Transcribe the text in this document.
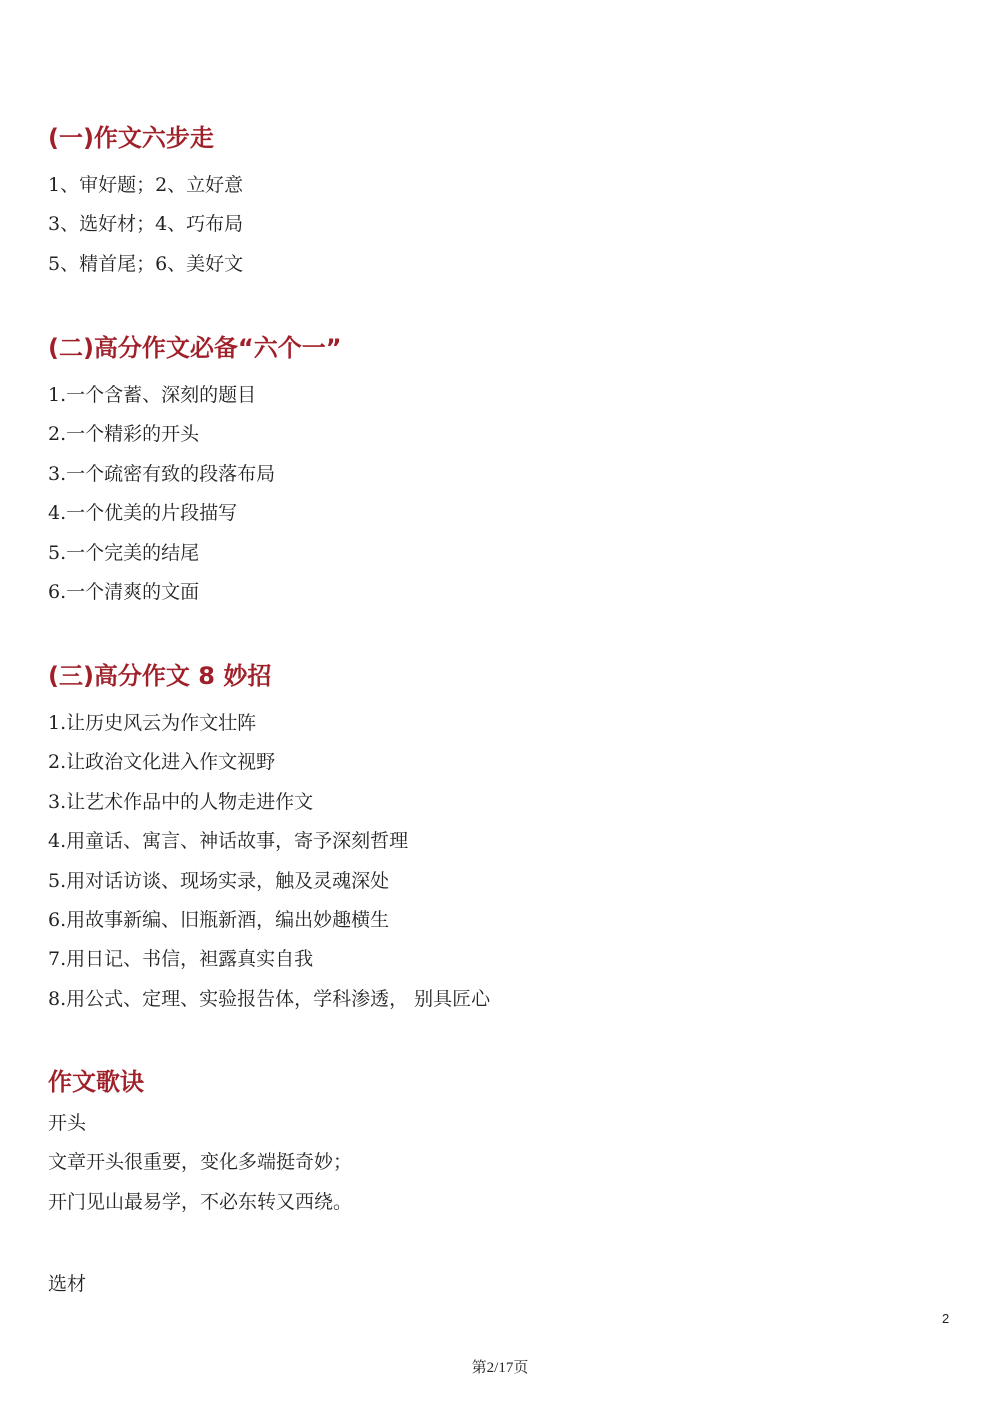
(一)作文六步走
1、审好题；2、立好意
3、选好材；4、巧布局
5、精首尾；6、美好文
(二)高分作文必备“六个一”
1.一个含蓄、深刻的题目
2.一个精彩的开头
3.一个疏密有致的段落布局
4.一个优美的片段描写
5.一个完美的结尾
6.一个清爽的文面
(三)高分作文 8 妙招
1.让历史风云为作文壮阵
2.让政治文化进入作文视野
3.让艺术作品中的人物走进作文
4.用童话、寓言、神话故事，寄予深刻哲理
5.用对话访谈、现场实录，触及灵魂深处
6.用故事新编、旧瓶新酒，编出妙趣横生
7.用日记、书信，袒露真实自我
8.用公式、定理、实验报告体，学科渗透， 别具匠心
作文歌诀
开头
文章开头很重要，变化多端挺奇妙；
开门见山最易学，不必东转又西绕。
选材
2
第2/17页
